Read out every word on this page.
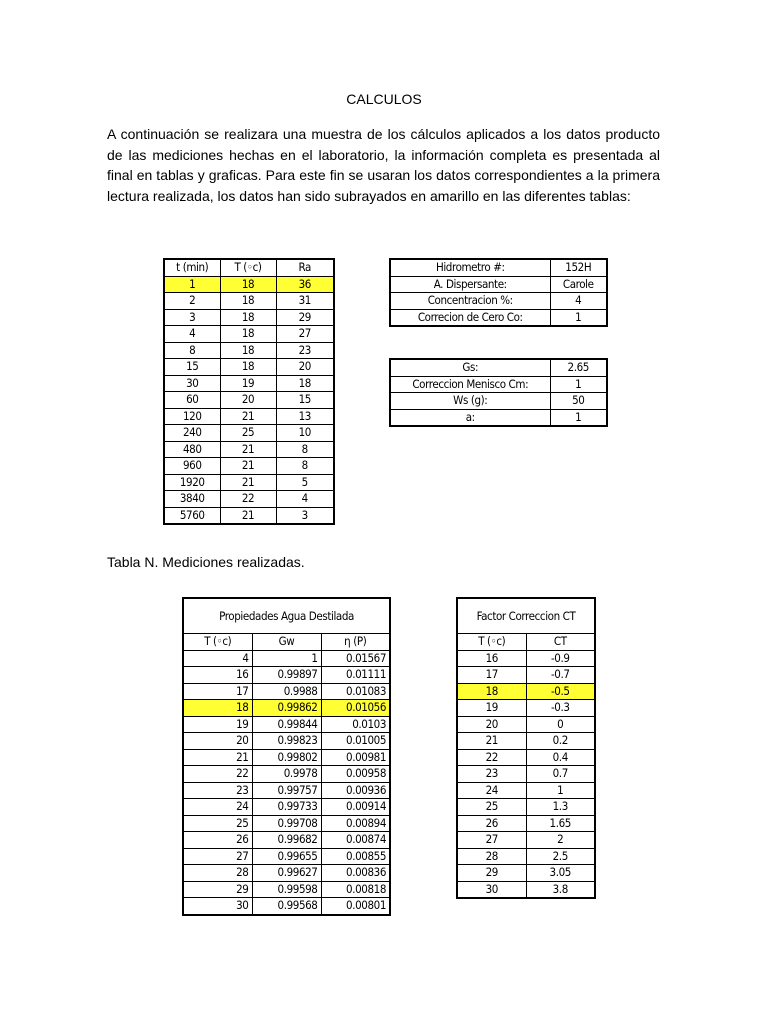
CALCULOS

A continuación se realizara una muestra de los cálculos aplicados a los datos producto de las mediciones hechas en el laboratorio, la información completa es presentada al final en tablas y graficas. Para este fin se usaran los datos correspondientes a la primera lectura realizada, los datos han sido subrayados en amarillo en las diferentes tablas:

t (min)	T (◦c)	Ra
1	18	36
2	18	31
3	18	29
4	18	27
8	18	23
15	18	20
30	19	18
60	20	15
120	21	13
240	25	10
480	21	8
960	21	8
1920	21	5
3840	22	4
5760	21	3
Hidrometro #:	152H
A. Dispersante:	Carole
Concentracion %:	4
Correcion de Cero Co:	1
Gs:	2.65
Correccion Menisco Cm:	1
Ws (g):	50
a:	1
Tabla N. Mediciones realizadas.
Propiedades Agua Destilada		
T (◦c)	Gw	η (P)
4	1	0.01567
16	0.99897	0.01111
17	0.9988	0.01083
18	0.99862	0.01056
19	0.99844	0.0103
20	0.99823	0.01005
21	0.99802	0.00981
22	0.9978	0.00958
23	0.99757	0.00936
24	0.99733	0.00914
25	0.99708	0.00894
26	0.99682	0.00874
27	0.99655	0.00855
28	0.99627	0.00836
29	0.99598	0.00818
30	0.99568	0.00801
Factor Correccion CT	
T (◦c)	CT
16	-0.9
17	-0.7
18	-0.5
19	-0.3
20	0
21	0.2
22	0.4
23	0.7
24	1
25	1.3
26	1.65
27	2
28	2.5
29	3.05
30	3.8
